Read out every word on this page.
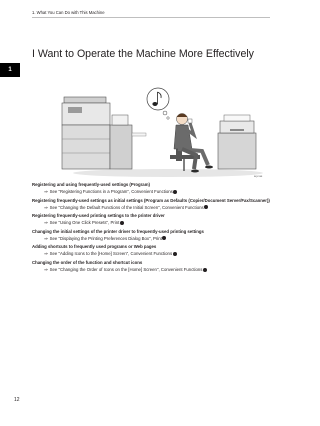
1. What You Can Do with This Machine
1
I Want to Operate the Machine More Effectively
BQX108

Registering and using frequently-used settings (Program)

⇒ See "Registering Functions in a Program", Convenient Functions

Registering frequently-used settings as initial settings (Program as Defaults (Copier/Document Server/Fax/Scanner))

⇒ See "Changing the Default Functions of the Initial Screen", Convenient Functions

Registering frequently-used printing settings to the printer driver

⇒ See "Using One Click Presets", Print

Changing the initial settings of the printer driver to frequently-used printing settings

⇒ See "Displaying the Printing Preferences Dialog Box", Print

Adding shortcuts to frequently used programs or Web pages

⇒ See "Adding Icons to the [Home] Screen", Convenient Functions

Changing the order of the function and shortcut icons

⇒ See "Changing the Order of Icons on the [Home] Screen", Convenient Functions

12
